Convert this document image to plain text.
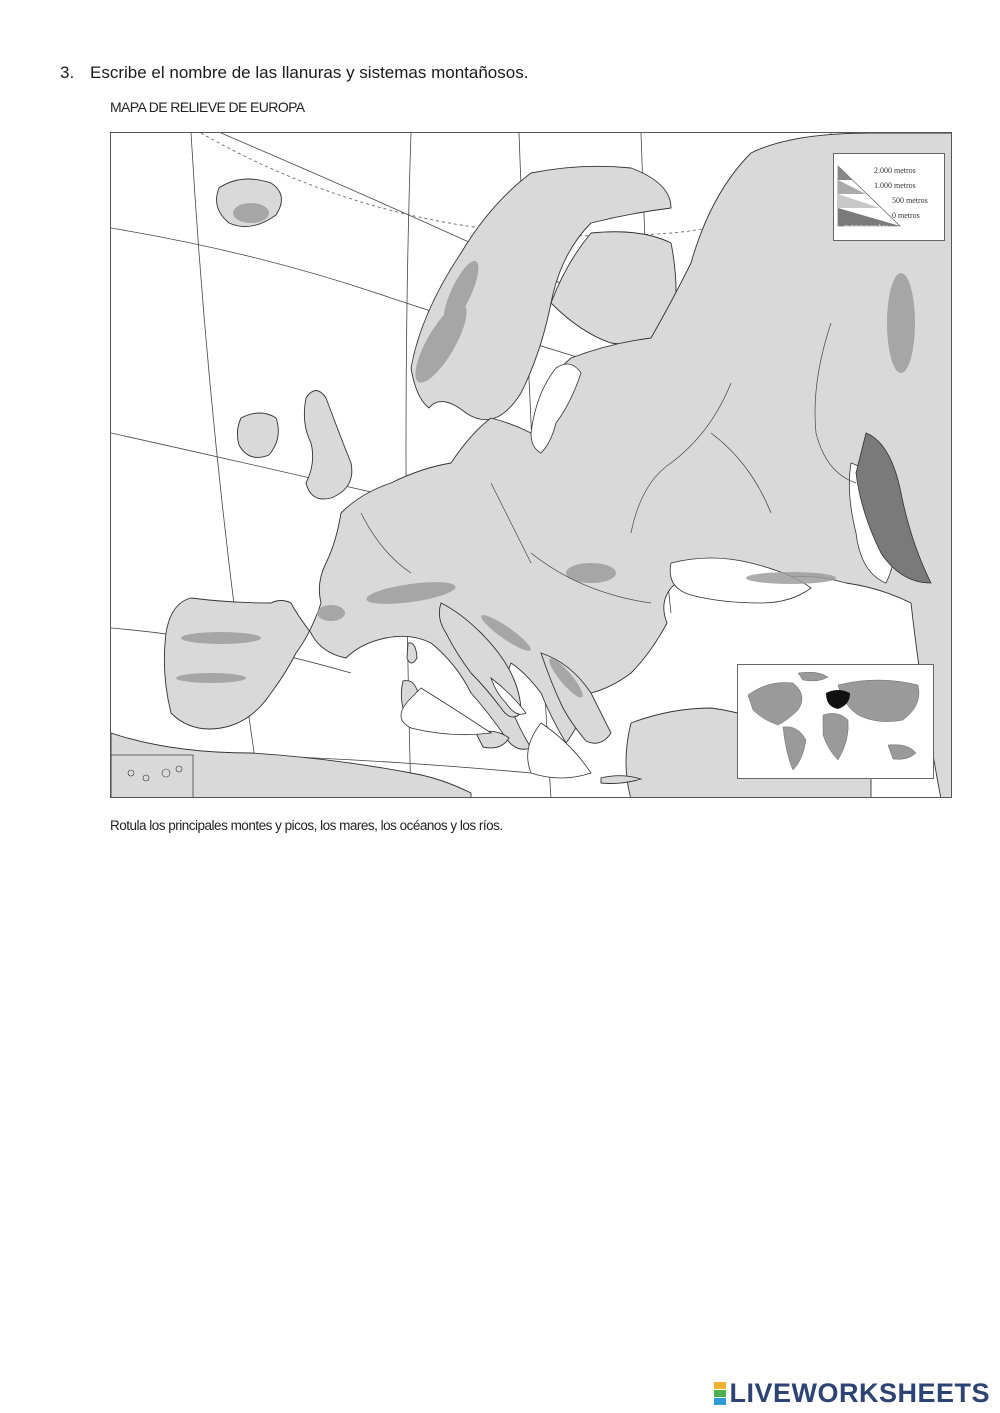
3. Escribe el nombre de las llanuras y sistemas montañosos.
MAPA DE RELIEVE DE EUROPA
2.000 metros
1.000 metros
500 metros
0 metros
DEPRESIÓN
Rotula los principales montes y picos, los mares, los océanos y los ríos.
LIVEWORKSHEETS
